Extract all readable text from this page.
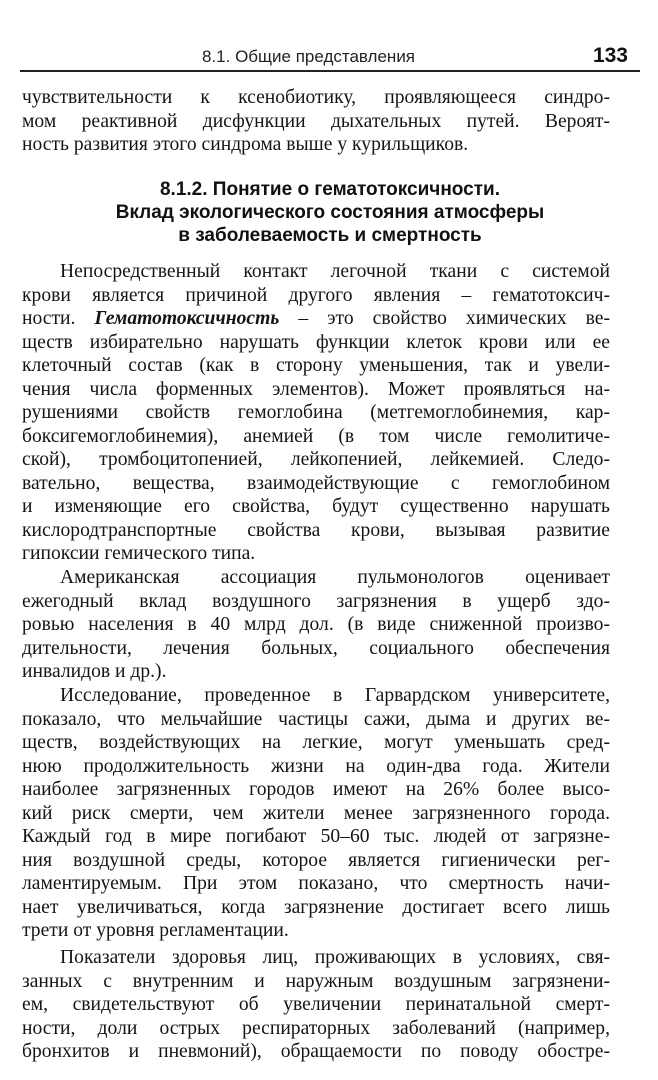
8.1. Общие представления	133
чувствительности к ксенобиотику, проявляющееся синдро-
мом реактивной дисфункции дыхательных путей. Вероят-
ность развития этого синдрома выше у курильщиков.
8.1.2. Понятие о гематотоксичности.
Вклад экологического состояния атмосферы
в заболеваемость и смертность
Непосредственный контакт легочной ткани с системой
крови является причиной другого явления – гематотоксич-
ности. Гематотоксичность – это свойство химических ве-
ществ избирательно нарушать функции клеток крови или ее
клеточный состав (как в сторону уменьшения, так и увели-
чения числа форменных элементов). Может проявляться на-
рушениями свойств гемоглобина (метгемоглобинемия, кар-
боксигемоглобинемия), анемией (в том числе гемолитиче-
ской), тромбоцитопенией, лейкопенией, лейкемией. Следо-
вательно, вещества, взаимодействующие с гемоглобином
и изменяющие его свойства, будут существенно нарушать
кислородтранспортные свойства крови, вызывая развитие
гипоксии гемического типа.
Американская ассоциация пульмонологов оценивает
ежегодный вклад воздушного загрязнения в ущерб здо-
ровью населения в 40 млрд дол. (в виде сниженной произво-
дительности, лечения больных, социального обеспечения
инвалидов и др.).
Исследование, проведенное в Гарвардском университете,
показало, что мельчайшие частицы сажи, дыма и других ве-
ществ, воздействующих на легкие, могут уменьшать сред-
нюю продолжительность жизни на один-два года. Жители
наиболее загрязненных городов имеют на 26% более высо-
кий риск смерти, чем жители менее загрязненного города.
Каждый год в мире погибают 50–60 тыс. людей от загрязне-
ния воздушной среды, которое является гигиенически рег-
ламентируемым. При этом показано, что смертность начи-
нает увеличиваться, когда загрязнение достигает всего лишь
трети от уровня регламентации.
Показатели здоровья лиц, проживающих в условиях, свя-
занных с внутренним и наружным воздушным загрязнени-
ем, свидетельствуют об увеличении перинатальной смерт-
ности, доли острых респираторных заболеваний (например,
бронхитов и пневмоний), обращаемости по поводу обостре-
